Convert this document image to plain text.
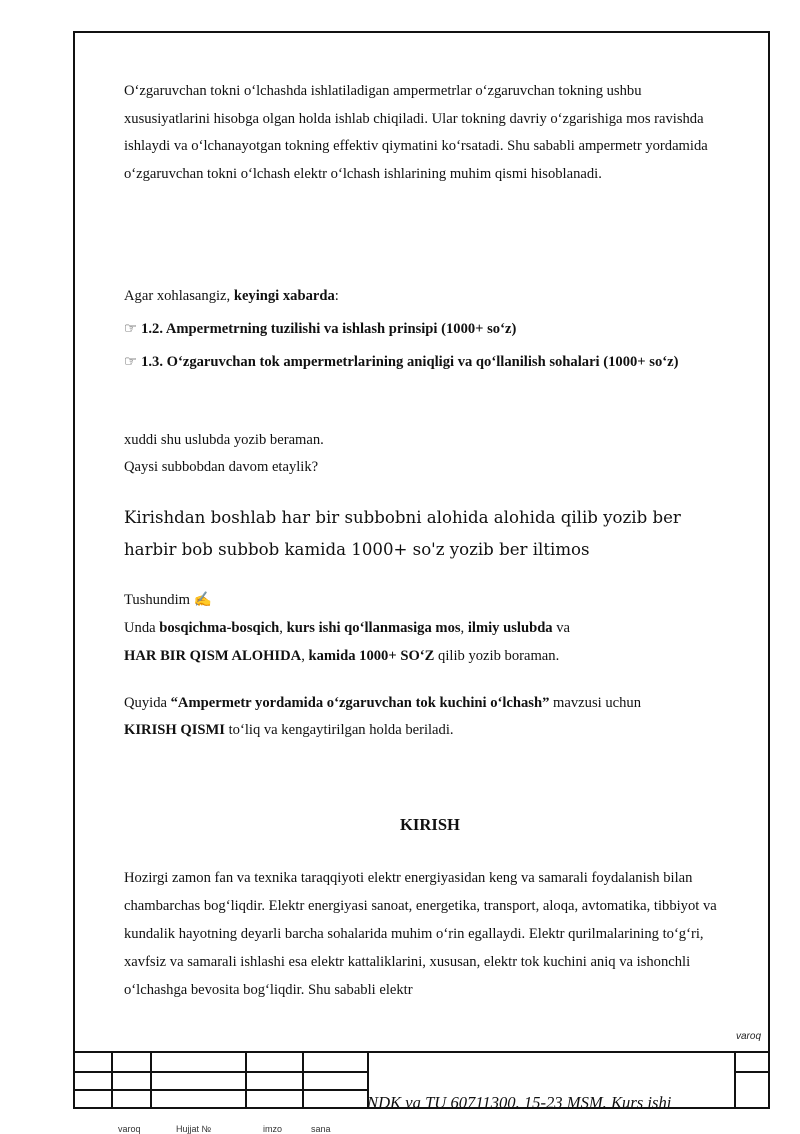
O‘zgaruvchan tokni o‘lchashda ishlatiladigan ampermetrlar o‘zgaruvchan tokning ushbu xususiyatlarini hisobga olgan holda ishlab chiqiladi. Ular tokning davriy o‘zgarishiga mos ravishda ishlaydi va o‘lchanayotgan tokning effektiv qiymatini ko‘rsatadi. Shu sababli ampermetr yordamida o‘zgaruvchan tokni o‘lchash elektr o‘lchash ishlarining muhim qismi hisoblanadi.

Agar xohlasangiz, keyingi xabarda:

☞ 1.2. Ampermetrning tuzilishi va ishlash prinsipi (1000+ so‘z)

☞ 1.3. O‘zgaruvchan tok ampermetrlarining aniqligi va qo‘llanilish sohalari (1000+ so‘z)

xuddi shu uslubda yozib beraman.
Qaysi subbobdan davom etaylik?

Kirishdan boshlab har bir subbobni alohida alohida qilib yozib ber harbir bob subbob kamida 1000+ so'z yozib ber iltimos

Tushundim ✍
Unda bosqichma-bosqich, kurs ishi qo‘llanmasiga mos, ilmiy uslubda va
HAR BIR QISM ALOHIDA, kamida 1000+ SO‘Z qilib yozib boraman.

Quyida “Ampermetr yordamida o‘zgaruvchan tok kuchini o‘lchash” mavzusi uchun
KIRISH QISMI to‘liq va kengaytirilgan holda beriladi.

KIRISH

Hozirgi zamon fan va texnika taraqqiyoti elektr energiyasidan keng va samarali foydalanish bilan chambarchas bog‘liqdir. Elektr energiyasi sanoat, energetika, transport, aloqa, avtomatika, tibbiyot va kundalik hayotning deyarli barcha sohalarida muhim o‘rin egallaydi. Elektr qurilmalarining to‘g‘ri, xavfsiz va samarali ishlashi esa elektr kattaliklarini, xususan, elektr tok kuchini aniq va ishonchli o‘lchashga bevosita bog‘liqdir. Shu sababli elektr

varoq
NDK va TU 60711300. 15-23 MSM. Kurs ishi
varoq	Hujjat №	imzo	sana
